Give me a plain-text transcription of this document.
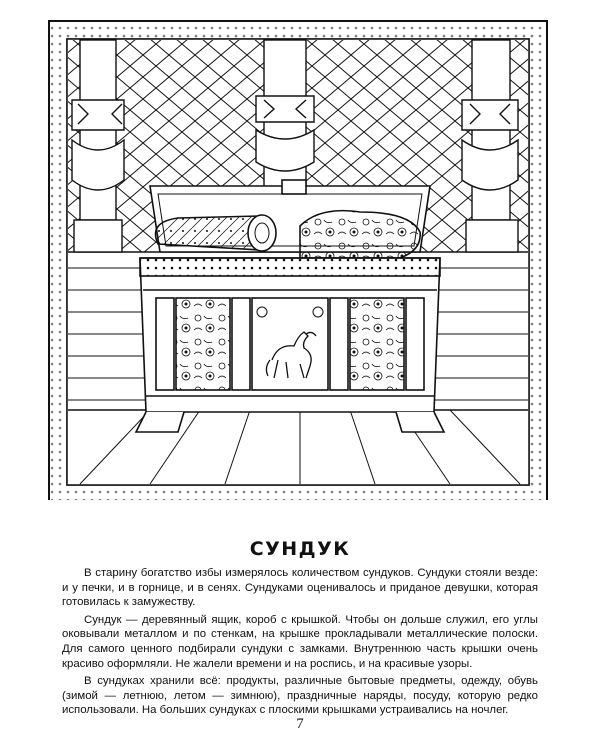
СУНДУК

В старину богатство избы измерялось количеством сундуков. Сундуки стояли везде: и у печки, и в горнице, и в сенях. Сундуками оценивалось и приданое девушки, которая готовилась к замужеству.

Сундук — деревянный ящик, короб с крышкой. Чтобы он дольше служил, его углы оковывали металлом и по стенкам, на крышке прокладывали металлические полоски. Для самого ценного подбирали сундуки с замками. Внутреннюю часть крышки очень красиво оформляли. Не жалели времени и на роспись, и на красивые узоры.

В сундуках хранили всё: продукты, различные бытовые предметы, одежду, обувь (зимой — летнюю, летом — зимнюю), праздничные наряды, посуду, которую редко использовали. На больших сундуках с плоскими крышками устраивались на ночлег.

7
